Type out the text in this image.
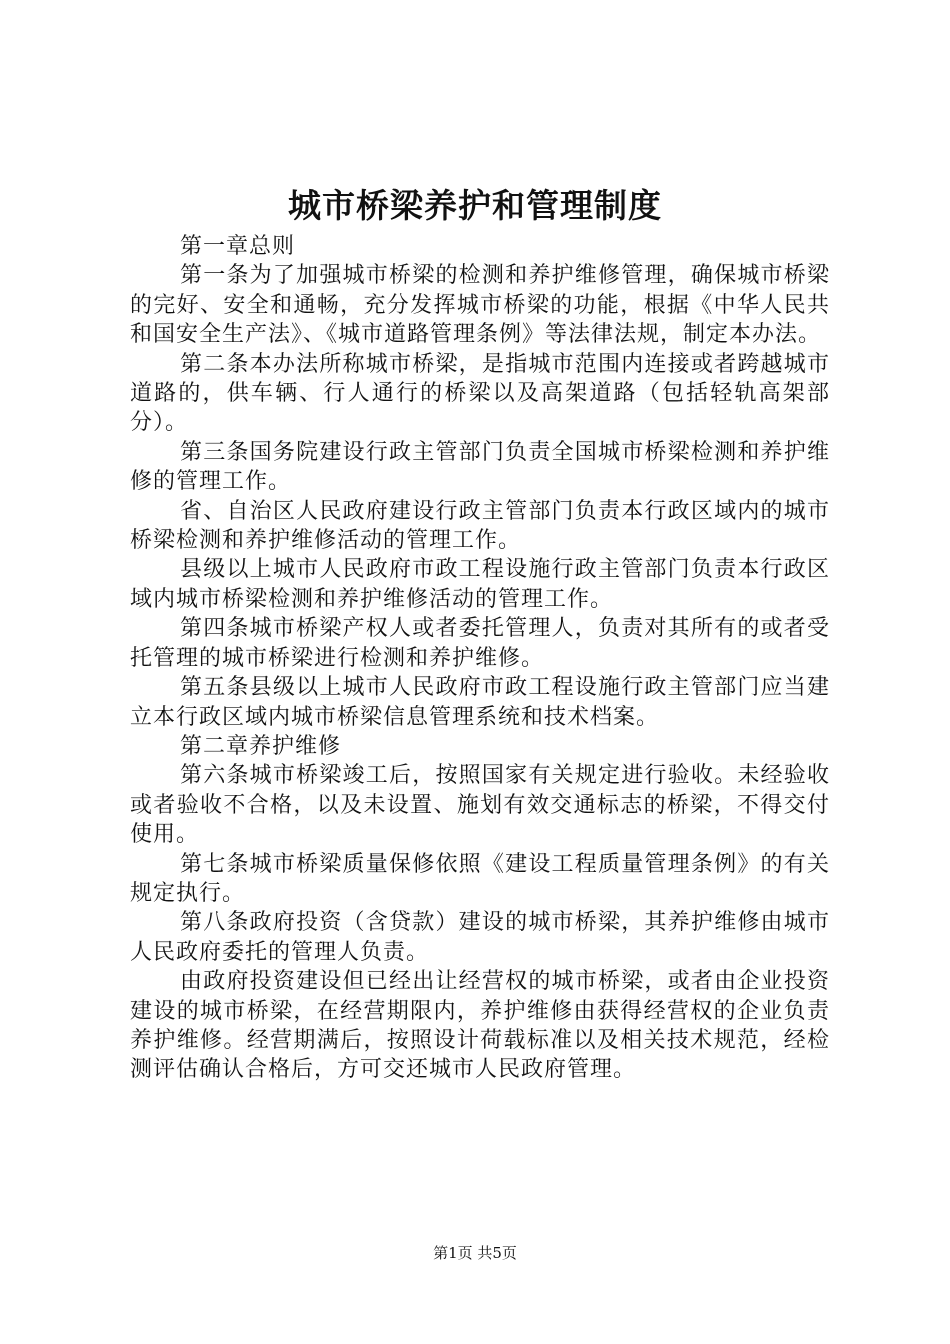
城市桥梁养护和管理制度

第一章总则

第一条为了加强城市桥梁的检测和养护维修管理，确保城市桥梁的完好、安全和通畅，充分发挥城市桥梁的功能，根据《中华人民共和国安全生产法》、《城市道路管理条例》等法律法规，制定本办法。

第二条本办法所称城市桥梁，是指城市范围内连接或者跨越城市道路的，供车辆、行人通行的桥梁以及高架道路（包括轻轨高架部分）。

第三条国务院建设行政主管部门负责全国城市桥梁检测和养护维修的管理工作。

省、自治区人民政府建设行政主管部门负责本行政区域内的城市桥梁检测和养护维修活动的管理工作。

县级以上城市人民政府市政工程设施行政主管部门负责本行政区域内城市桥梁检测和养护维修活动的管理工作。

第四条城市桥梁产权人或者委托管理人，负责对其所有的或者受托管理的城市桥梁进行检测和养护维修。

第五条县级以上城市人民政府市政工程设施行政主管部门应当建立本行政区域内城市桥梁信息管理系统和技术档案。

第二章养护维修

第六条城市桥梁竣工后，按照国家有关规定进行验收。未经验收或者验收不合格，以及未设置、施划有效交通标志的桥梁，不得交付使用。

第七条城市桥梁质量保修依照《建设工程质量管理条例》的有关规定执行。

第八条政府投资（含贷款）建设的城市桥梁，其养护维修由城市人民政府委托的管理人负责。

由政府投资建设但已经出让经营权的城市桥梁，或者由企业投资建设的城市桥梁，在经营期限内，养护维修由获得经营权的企业负责养护维修。经营期满后，按照设计荷载标准以及相关技术规范，经检测评估确认合格后，方可交还城市人民政府管理。

第1页 共5页
